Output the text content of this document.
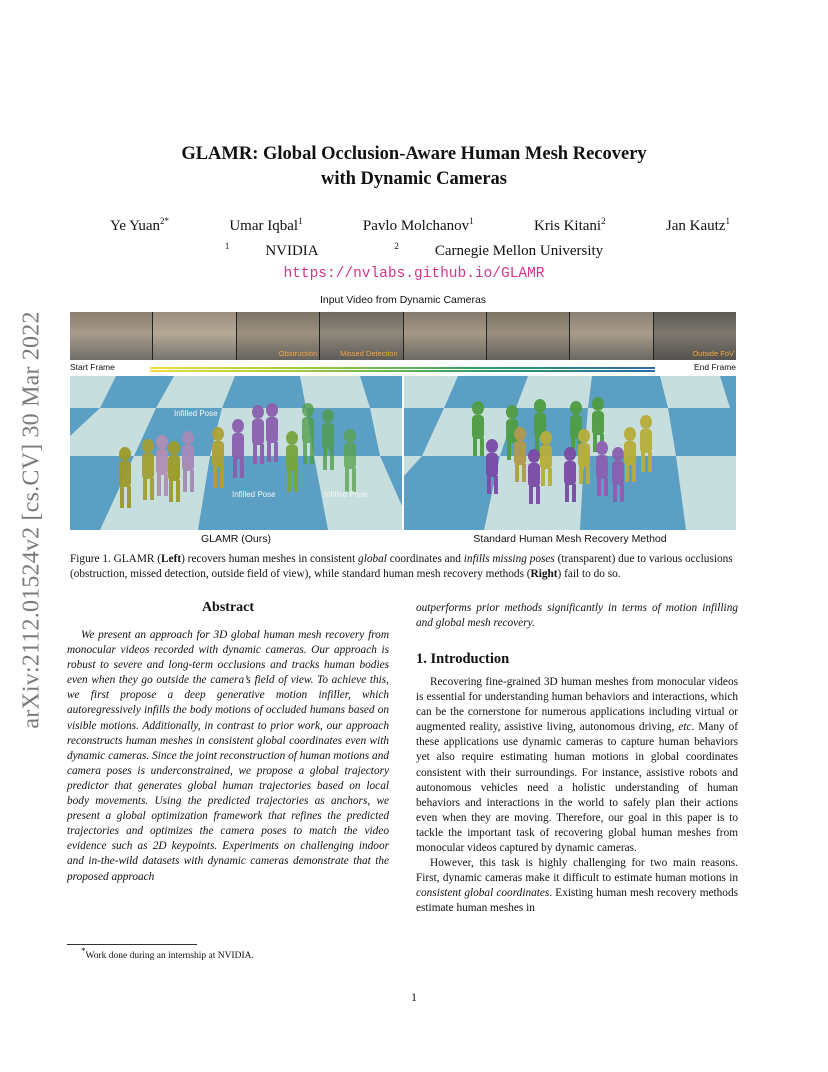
arXiv:2112.01524v2 [cs.CV] 30 Mar 2022
GLAMR: Global Occlusion-Aware Human Mesh Recovery
with Dynamic Cameras
Ye Yuan$^{2*}$	Umar Iqbal$^1$	Pavlo Molchanov$^1$	Kris Kitani$^2$	Jan Kautz$^1$
$^1$ NVIDIA	$^2$ Carnegie Mellon University
https://nvlabs.github.io/GLAMR
Input Video from Dynamic Cameras
Obstruction	Missed Detection	Outside FoV
Start Frame	End Frame
Infilled Pose
Infilled Pose	Infilled Pose
GLAMR (Ours)	Standard Human Mesh Recovery Method
Figure 1. GLAMR (Left) recovers human meshes in consistent global coordinates and infills missing poses (transparent) due to various occlusions (obstruction, missed detection, outside field of view), while standard human mesh recovery methods (Right) fail to do so.
Abstract

We present an approach for 3D global human mesh recovery from monocular videos recorded with dynamic cameras. Our approach is robust to severe and long-term occlusions and tracks human bodies even when they go outside the camera’s field of view. To achieve this, we first propose a deep generative motion infiller, which autoregressively infills the body motions of occluded humans based on visible motions. Additionally, in contrast to prior work, our approach reconstructs human meshes in consistent global coordinates even with dynamic cameras. Since the joint reconstruction of human motions and camera poses is underconstrained, we propose a global trajectory predictor that generates global human trajectories based on local body movements. Using the predicted trajectories as anchors, we present a global optimization framework that refines the predicted trajectories and optimizes the camera poses to match the video evidence such as 2D keypoints. Experiments on challenging indoor and in-the-wild datasets with dynamic cameras demonstrate that the proposed approach

*Work done during an internship at NVIDIA.
outperforms prior methods significantly in terms of motion infilling and global mesh recovery.
1. Introduction

Recovering fine-grained 3D human meshes from monocular videos is essential for understanding human behaviors and interactions, which can be the cornerstone for numerous applications including virtual or augmented reality, assistive living, autonomous driving, etc. Many of these applications use dynamic cameras to capture human behaviors yet also require estimating human motions in global coordinates consistent with their surroundings. For instance, assistive robots and autonomous vehicles need a holistic understanding of human behaviors and interactions in the world to safely plan their actions even when they are moving. Therefore, our goal in this paper is to tackle the important task of recovering global human meshes from monocular videos captured by dynamic cameras.

However, this task is highly challenging for two main reasons. First, dynamic cameras make it difficult to estimate human motions in consistent global coordinates. Existing human mesh recovery methods estimate human meshes in

1
